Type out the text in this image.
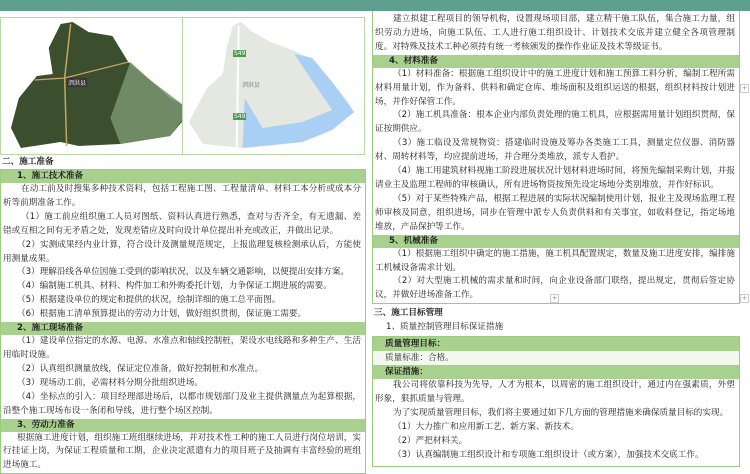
泗洪县
S49
泗洪县
S49
二、施工准备
1、施工技术准备

在动工前及时搜集多种技术资料，包括工程施工图、工程量清单、材料工本分析或成本分析等前期准备工作。

（1）施工前应组织施工人员对图纸、资料认真进行熟悉，查对与否齐全，有无遗漏、差错或互相之间有无矛盾之处，发现差错应及时向设计单位提出补充或改正，并做出记录。

（2）实测成果经内业计算，符合设计及测量规范规定，上报监理复核检测承认后，方能使用测量成果。

（3）理解沿线各单位因施工受到的影响状况，以及车辆交通影响，以便提出安排方案。

（4）编制施工机具、材料、构件加工和外购委托计划，力争保证工期进展的需要。

（5）根据建设单位的规定和提供的状况，绘制详细的施工总平面图。

（6）根据施工清单预算提出的劳动力计划，做好组织贯彻，保证施工需要。

2、施工现场准备

（1）建设单位指定的水源、电源、水准点和轴线控制桩，架设水电线路和多种生产、生活用临时设施。

（2）认真组织测量放线，保证定位准备，做好控制桩和水准点。

（3）现场动工前，必需材料分期分批组织进场。

（4）坐标点的引入：项目经理部进场后，以都市规划部门及业主提供测量点为起算根据，沿整个施工现场布设一条闭和导线，进行整个场区控制。

3、劳动力准备

根据施工进度计划，组织施工班组继续进场，并对技术性工种的施工人员进行岗位培训，实行挂证上岗，为保证工程质量和工期，企业决定派遣有力的项目班子及抽调有丰富经验的班组进场施工。

建立拟建工程项目的领导机构，设置现场项目部，建立精干施工队伍，集合施工力量，组织劳动力进场，向施工队伍、工人进行施工组织设计、计划技术交底并建立健全各项管理制度。对特殊及技术工种必须持有统一考核颁发的操作作业证及技术等级证书。

4、材料准备

（1）材料准备：根据施工组织设计中的施工进度计划和施工预算工料分析，编制工程所需材料用量计划，作为备料、供料和确定仓库、堆场面积及组织运送的根据，组织材料按计划进场，并作好保管工作。

（2）施工机具准备：根本企业内部负责处理的施工机具，应根据需用量计划组织贯彻，保证按期供应。

（3）施工临设及常规物资：搭建临时设施及筹办各类施工工具，测量定位仪器、消防器材、周转材料等，均应提前进场，并合理分类堆放，派专人看护。

（4）施工用建筑材料视施工阶段进展状况计划材料进场时间，将预先编制采购计划，并报请业主及监理工程师的审核确认，所有进场物资按预先设定场地分类别堆放，并作好标识。

（5）对于某些特殊产品，根据工程进展的实际状况编制使用计划，报业主及现场监理工程师审核及同意，组织进场，同步在管理中派专人负责供料和有关事宜，如收料登记，指定场地堆放，产品保护等工作。

5、机械准备

（1）根据施工组织中确定的施工措施，施工机具配置规定，数量及施工进度安排，编排施工机械设备需求计划。

（2）对大型施工机械的需求量和时间，向企业设备部门联络，提出规定，贯彻后签定协议，并做好进场准备工作。

三、施工目标管理
1、质量控制管理目标保证措施
质量管理目标：
质量标准：合格。
保证措施：

我公司将依靠科技为先导，人才为根本，以周密的施工组织设计，通过内在强素质，外塑形象，狠抓质量与管理。

为了实现质量管理目标，我们将主要通过如下几方面的管理措施来确保质量目标的实现。

（1）大力推广和应用新工艺、新方案、新技术。

（2）严把材料关。

（3）认真编制施工组织设计和专项施工组织设计（或方案），加强技术交底工作。

+
+	+
